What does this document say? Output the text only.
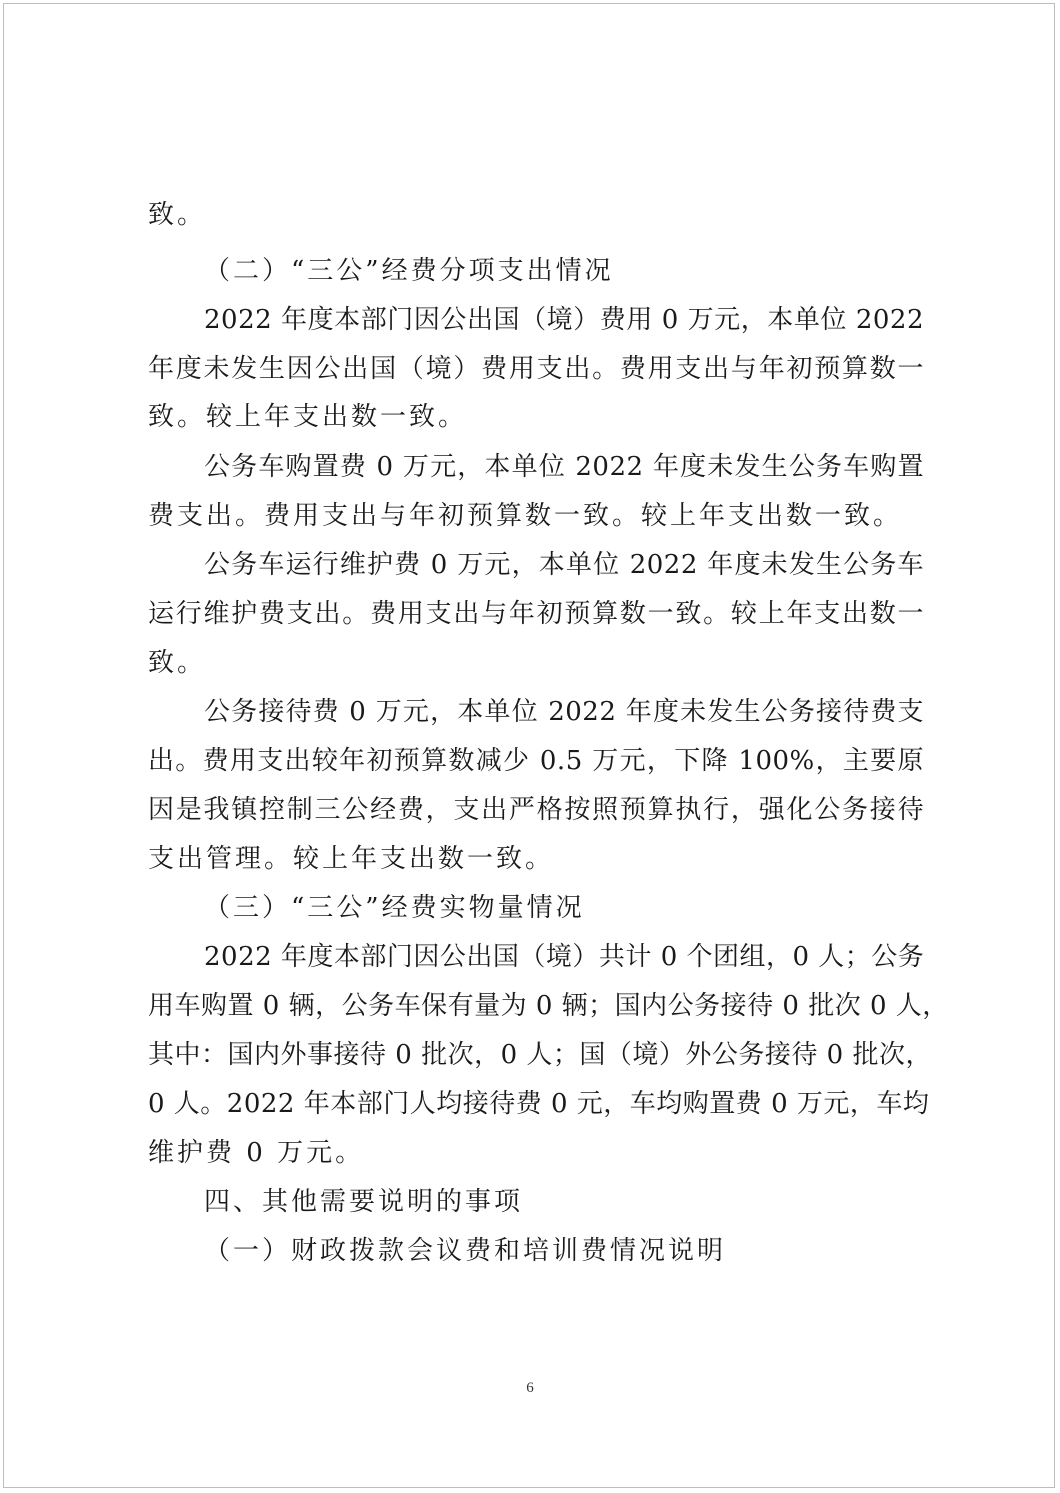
致。
（二）“三公”经费分项支出情况
2022 年度本部门因公出国（境）费用 0 万元，本单位 2022
年度未发生因公出国（境）费用支出。费用支出与年初预算数一
致。较上年支出数一致。
公务车购置费 0 万元，本单位 2022 年度未发生公务车购置
费支出。费用支出与年初预算数一致。较上年支出数一致。
公务车运行维护费 0 万元，本单位 2022 年度未发生公务车
运行维护费支出。费用支出与年初预算数一致。较上年支出数一
致。
公务接待费 0 万元，本单位 2022 年度未发生公务接待费支
出。费用支出较年初预算数减少 0.5 万元，下降 100%，主要原
因是我镇控制三公经费，支出严格按照预算执行，强化公务接待
支出管理。较上年支出数一致。
（三）“三公”经费实物量情况
2022 年度本部门因公出国（境）共计 0 个团组，0 人；公务
用车购置 0 辆，公务车保有量为 0 辆；国内公务接待 0 批次 0 人，
其中：国内外事接待 0 批次，0 人；国（境）外公务接待 0 批次，
0 人。2022 年本部门人均接待费 0 元，车均购置费 0 万元，车均
维护费 0 万元。
四、其他需要说明的事项
（一）财政拨款会议费和培训费情况说明
6
